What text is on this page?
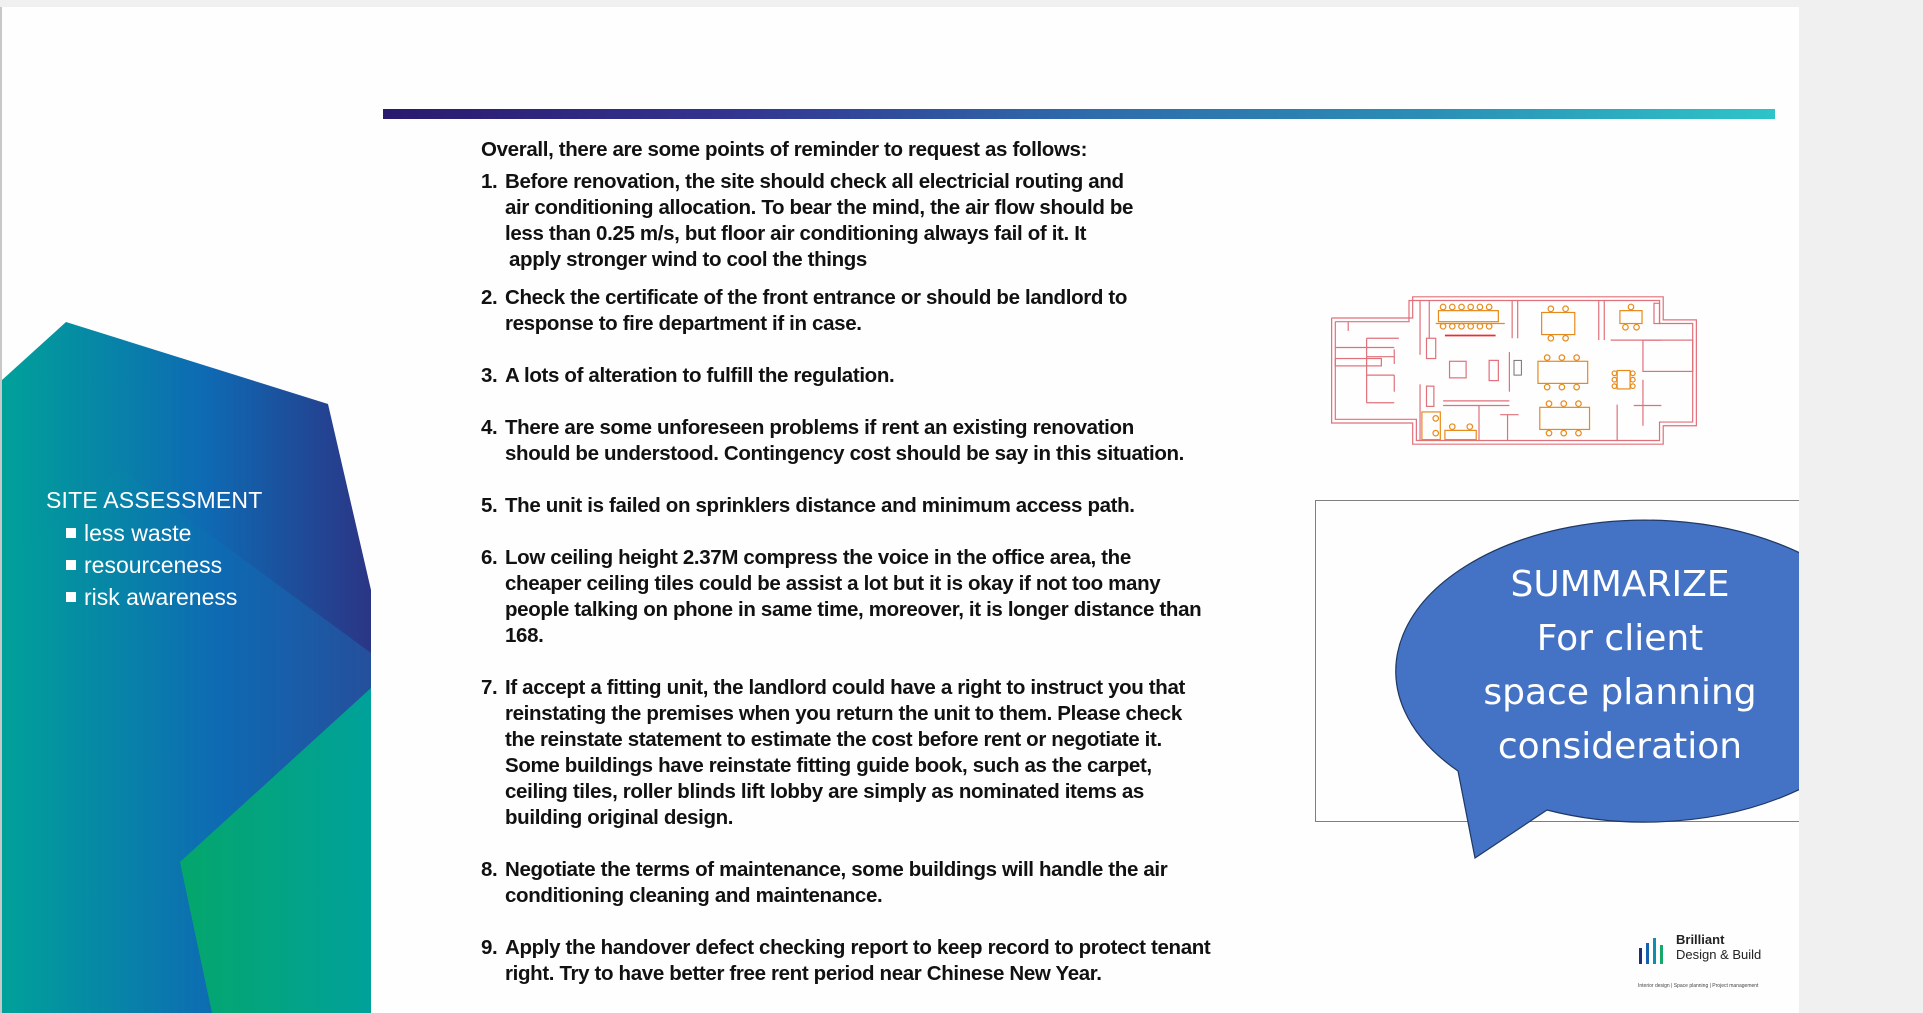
SITE ASSESSMENT
less waste
resourceness
risk awareness
Overall, there are some points of reminder to request as follows:
1. Before renovation, the site should check all electricial routing and
air conditioning allocation. To bear the mind, the air flow should be
less than 0.25 m/s, but floor air conditioning always fail of it. It
apply stronger wind to cool the things
2. Check the certificate of the front entrance or should be landlord to
response to fire department if in case.
3. A lots of alteration to fulfill the regulation.
4. There are some unforeseen problems if rent an existing renovation
should be understood. Contingency cost should be say in this situation.
5. The unit is failed on sprinklers distance and minimum access path.
6. Low ceiling height 2.37M compress the voice in the office area, the
cheaper ceiling tiles could be assist a lot but it is okay if not too many
people talking on phone in same time, moreover, it is longer distance than
168.
7. If accept a fitting unit, the landlord could have a right to instruct you that
reinstating the premises when you return the unit to them. Please check
the reinstate statement to estimate the cost before rent or negotiate it.
Some buildings have reinstate fitting guide book, such as the carpet,
ceiling tiles, roller blinds lift lobby are simply as nominated items as
building original design.
8. Negotiate the terms of maintenance, some buildings will handle the air
conditioning cleaning and maintenance.
9. Apply the handover defect checking report to keep record to protect tenant
right. Try to have better free rent period near Chinese New Year.
SUMMARIZE
For client
space planning
consideration
Brilliant
Design & Build
Interior design | Space planning | Project management
